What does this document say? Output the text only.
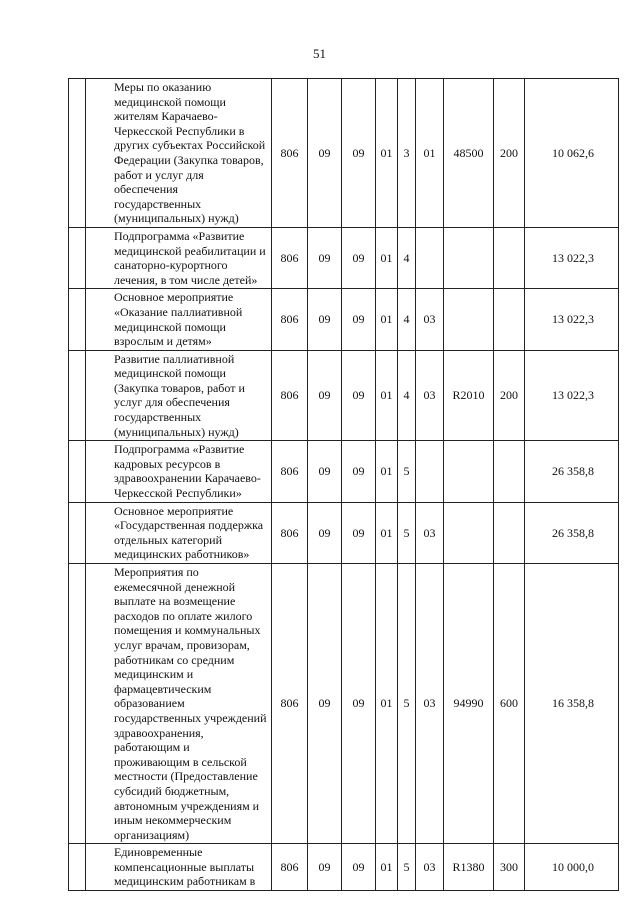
51
	Меры по оказанию медицинской помощи жителям Карачаево-Черкесской Республики в других субъектах Российской Федерации (Закупка товаров, работ и услуг для обеспечения государственных (муниципальных) нужд)	806	09	09	01	3	01	48500	200	10 062,6
	Подпрограмма «Развитие медицинской реабилитации и санаторно-курортного лечения, в том числе детей»	806	09	09	01	4				13 022,3
	Основное мероприятие «Оказание паллиативной медицинской помощи взрослым и детям»	806	09	09	01	4	03			13 022,3
	Развитие паллиативной медицинской помощи (Закупка товаров, работ и услуг для обеспечения государственных (муниципальных) нужд)	806	09	09	01	4	03	R2010	200	13 022,3
	Подпрограмма «Развитие кадровых ресурсов в здравоохранении Карачаево-Черкесской Республики»	806	09	09	01	5				26 358,8
	Основное мероприятие «Государственная поддержка отдельных категорий медицинских работников»	806	09	09	01	5	03			26 358,8
	Мероприятия по ежемесячной денежной выплате на возмещение расходов по оплате жилого помещения и коммунальных услуг врачам, провизорам, работникам со средним медицинским и фармацевтическим образованием государственных учреждений здравоохранения, работающим и проживающим в сельской местности (Предоставление субсидий бюджетным, автономным учреждениям и иным некоммерческим организациям)	806	09	09	01	5	03	94990	600	16 358,8
	Единовременные компенсационные выплаты медицинским работникам в	806	09	09	01	5	03	R1380	300	10 000,0
